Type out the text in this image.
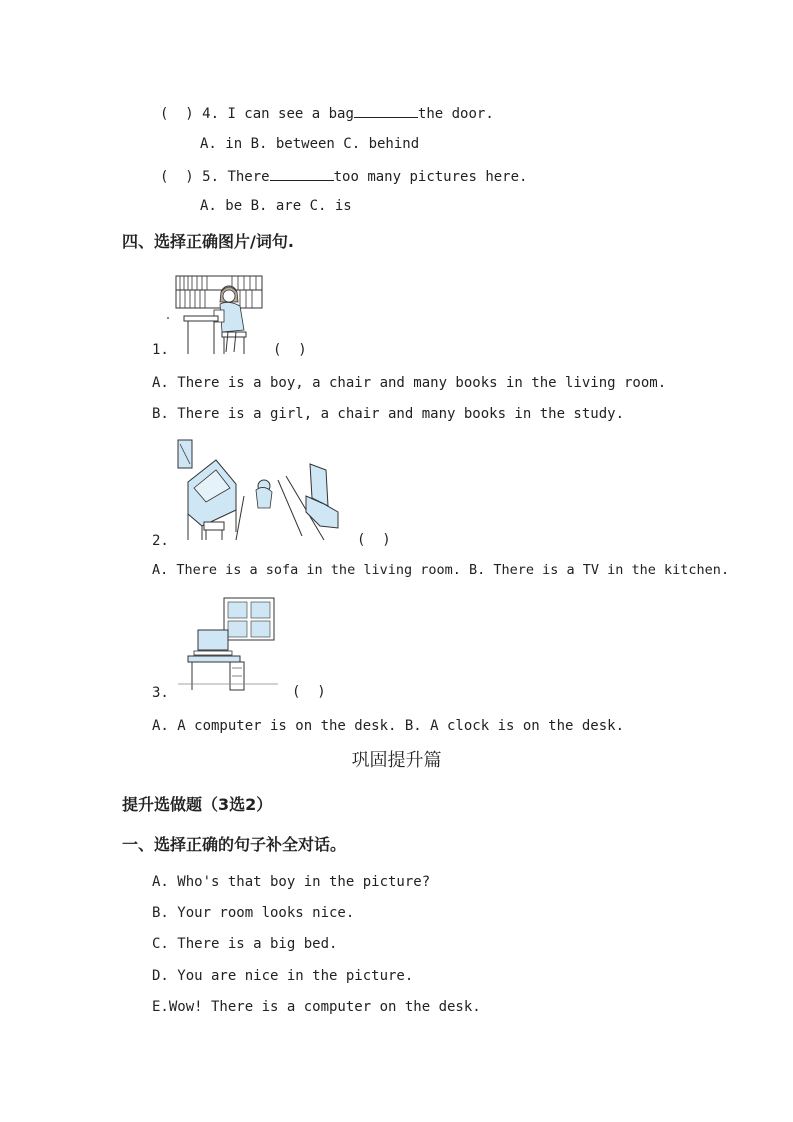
(  ) 4. I can see a bag	the door.
A. in B. between C. behind
(  ) 5. There	too many pictures here.
A. be B. are C. is
四、选择正确图片/词句.
1.	(  )
A. There is a boy, a chair and many books in the living room.
B. There is a girl, a chair and many books in the study.
2.	(  )
A. There is a sofa in the living room. B. There is a TV in the kitchen.
3.	(  )
A. A computer is on the desk. B. A clock is on the desk.
巩固提升篇
提升选做题（3选2）
一、选择正确的句子补全对话。
A. Who's that boy in the picture?
B. Your room looks nice.
C. There is a big bed.
D. You are nice in the picture.
E.Wow! There is a computer on the desk.
